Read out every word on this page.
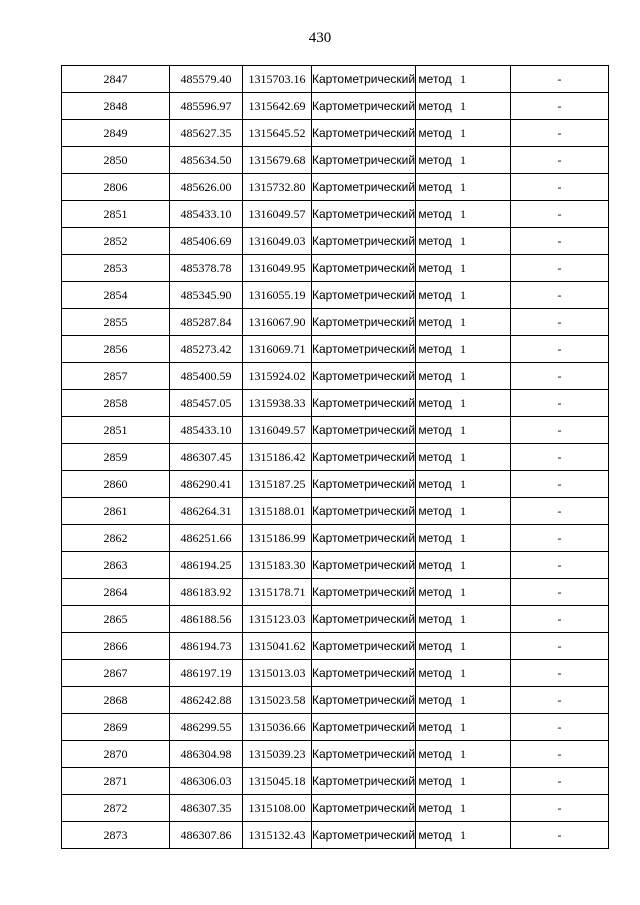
430
2847	485579.40	1315703.16	Картометрический метод	1	-
2848	485596.97	1315642.69	Картометрический метод	1	-
2849	485627.35	1315645.52	Картометрический метод	1	-
2850	485634.50	1315679.68	Картометрический метод	1	-
2806	485626.00	1315732.80	Картометрический метод	1	-
2851	485433.10	1316049.57	Картометрический метод	1	-
2852	485406.69	1316049.03	Картометрический метод	1	-
2853	485378.78	1316049.95	Картометрический метод	1	-
2854	485345.90	1316055.19	Картометрический метод	1	-
2855	485287.84	1316067.90	Картометрический метод	1	-
2856	485273.42	1316069.71	Картометрический метод	1	-
2857	485400.59	1315924.02	Картометрический метод	1	-
2858	485457.05	1315938.33	Картометрический метод	1	-
2851	485433.10	1316049.57	Картометрический метод	1	-
2859	486307.45	1315186.42	Картометрический метод	1	-
2860	486290.41	1315187.25	Картометрический метод	1	-
2861	486264.31	1315188.01	Картометрический метод	1	-
2862	486251.66	1315186.99	Картометрический метод	1	-
2863	486194.25	1315183.30	Картометрический метод	1	-
2864	486183.92	1315178.71	Картометрический метод	1	-
2865	486188.56	1315123.03	Картометрический метод	1	-
2866	486194.73	1315041.62	Картометрический метод	1	-
2867	486197.19	1315013.03	Картометрический метод	1	-
2868	486242.88	1315023.58	Картометрический метод	1	-
2869	486299.55	1315036.66	Картометрический метод	1	-
2870	486304.98	1315039.23	Картометрический метод	1	-
2871	486306.03	1315045.18	Картометрический метод	1	-
2872	486307.35	1315108.00	Картометрический метод	1	-
2873	486307.86	1315132.43	Картометрический метод	1	-
